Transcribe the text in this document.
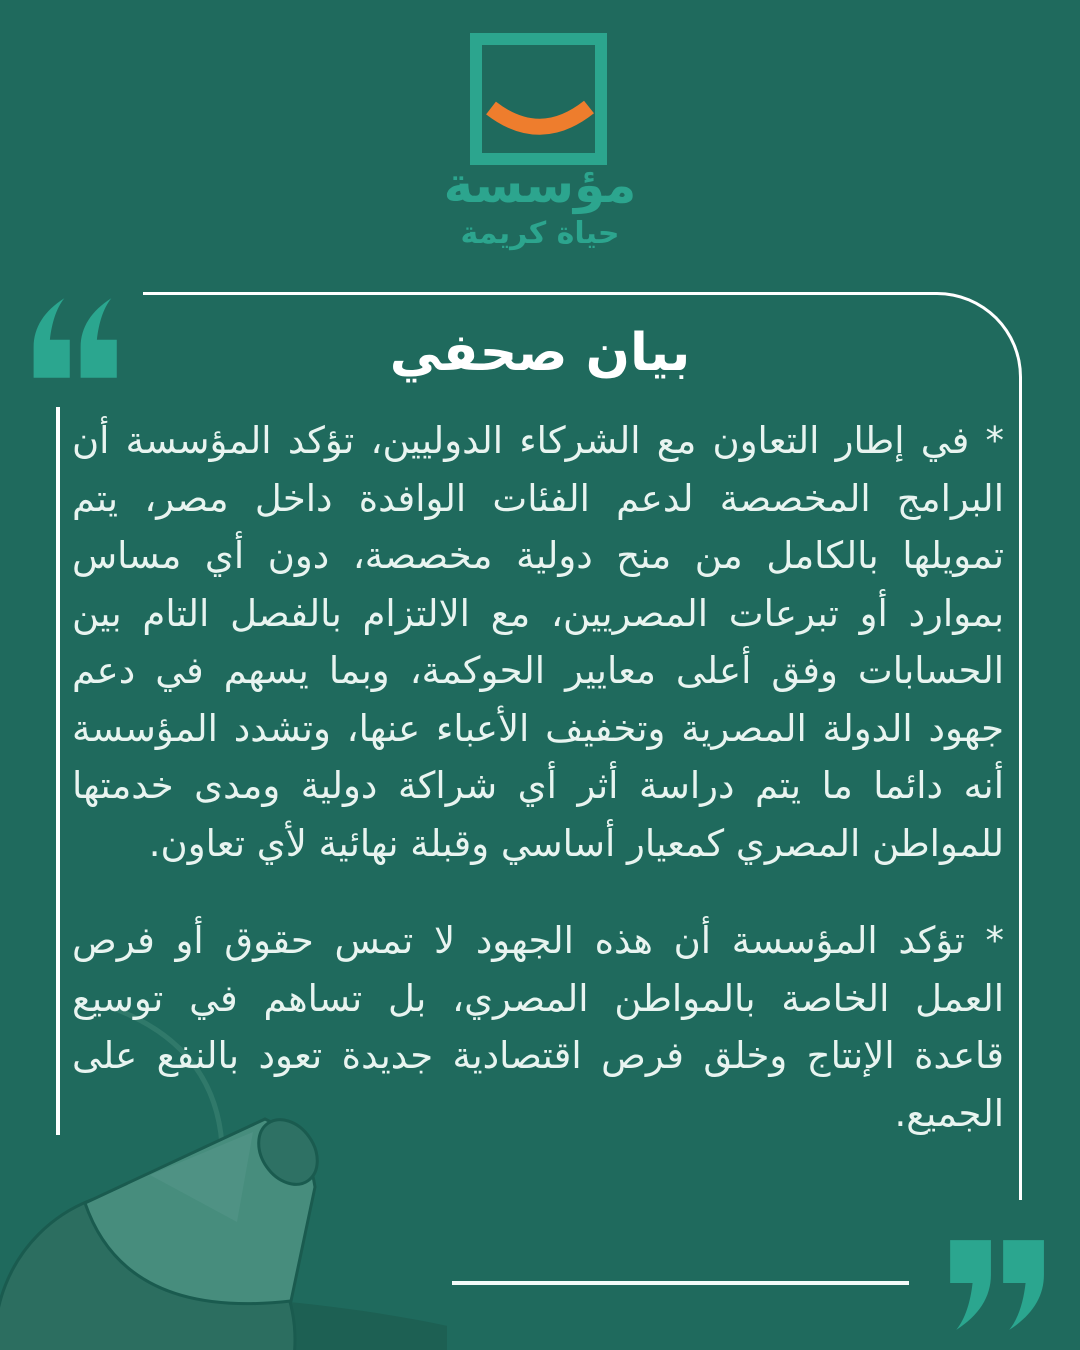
مؤسسة
حياة كريمة
بيان صحفي

* في إطار التعاون مع الشركاء الدوليين، تؤكد المؤسسة أن البرامج المخصصة لدعم الفئات الوافدة داخل مصر، يتم تمويلها بالكامل من منح دولية مخصصة، دون أي مساس بموارد أو تبرعات المصريين، مع الالتزام بالفصل التام بين الحسابات وفق أعلى معايير الحوكمة، وبما يسهم في دعم جهود الدولة المصرية وتخفيف الأعباء عنها، وتشدد المؤسسة أنه دائما ما يتم دراسة أثر أي شراكة دولية ومدى خدمتها للمواطن المصري كمعيار أساسي وقبلة نهائية لأي تعاون.

* تؤكد المؤسسة أن هذه الجهود لا تمس حقوق أو فرص العمل الخاصة بالمواطن المصري، بل تساهم في توسيع قاعدة الإنتاج وخلق فرص اقتصادية جديدة تعود بالنفع على الجميع.
